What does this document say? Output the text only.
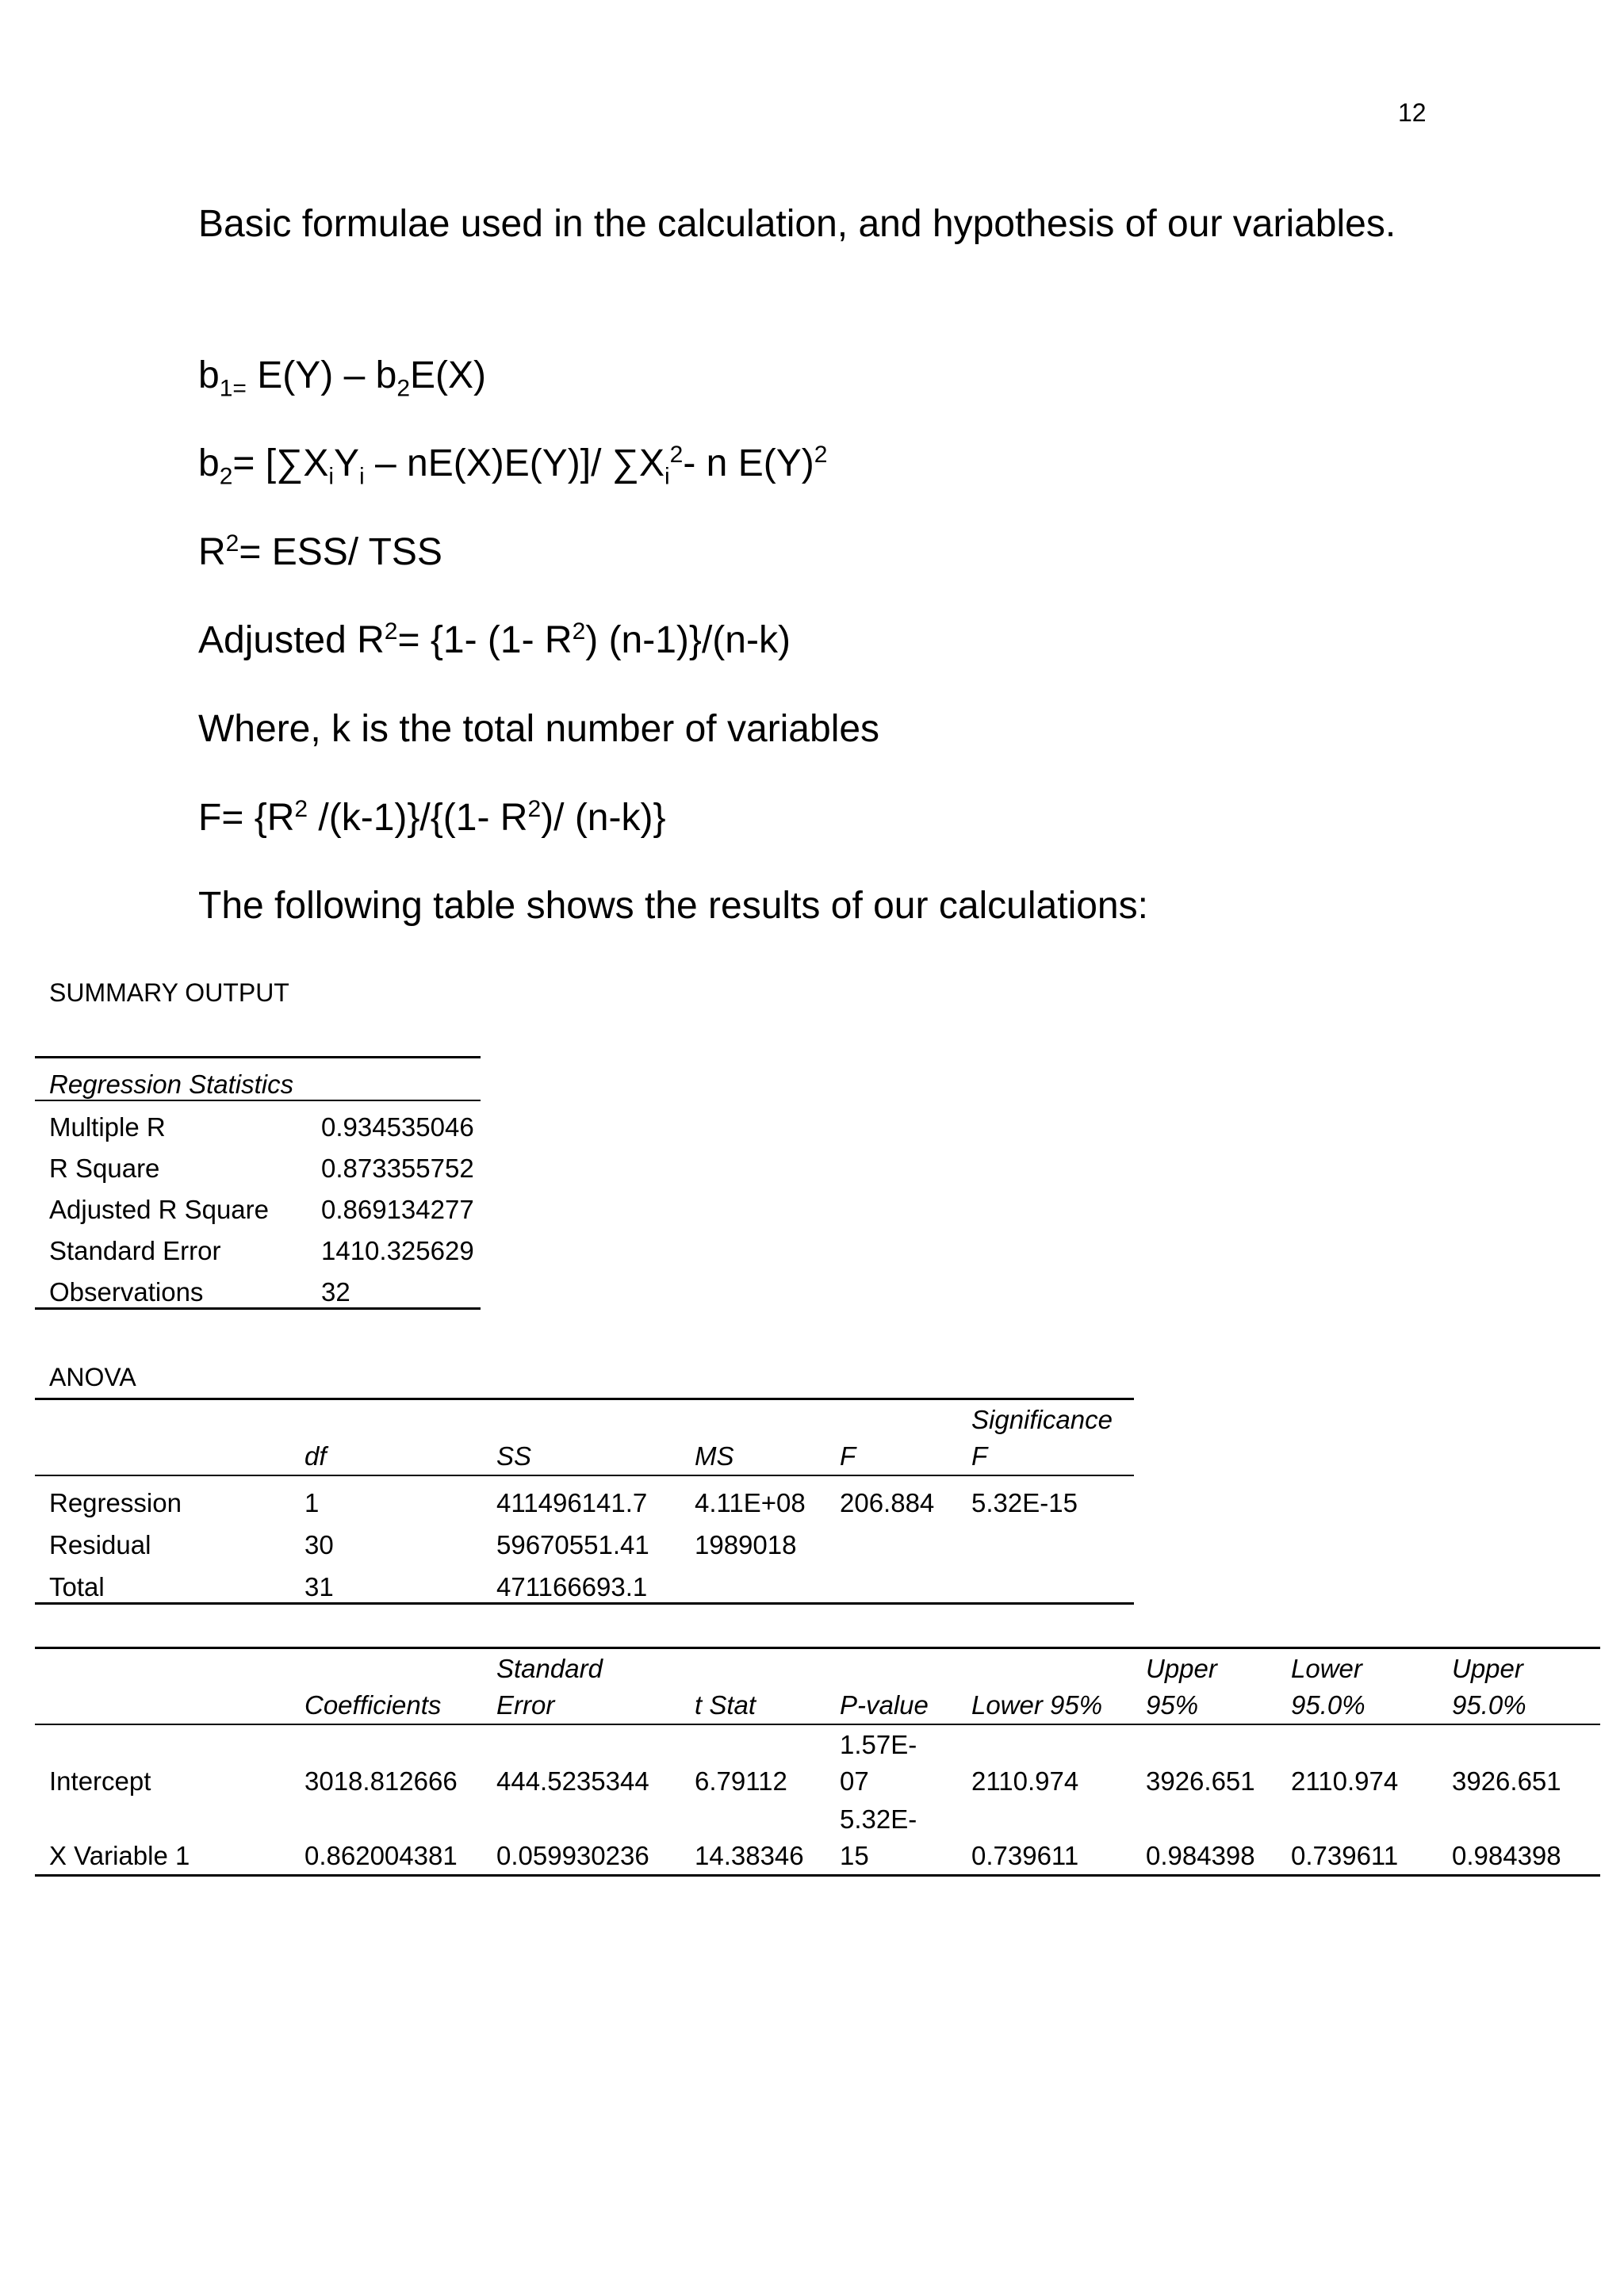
12

Basic formulae used in the calculation, and hypothesis of our variables.

$b_{1=}$ $E(Y) - b_2E(X)$

$b_2= [\sum X_iY_i - nE(X)E(Y)]/$ $\sum X_i^2-$ n $E(Y)^2$

$R^2= ESS/$ TSS

Adjusted $R^2= \{1-$ (1- $R^2$) (n-1)}/(n-k)

Where, k is the total number of variables

$F= \{R^2$ /(k-1)}/{(1- $R^2)/$ (n-k)}

The following table shows the results of our calculations:

SUMMARY OUTPUT
Regression Statistics	
Multiple R	0.934535046
R Square	0.873355752
Adjusted R Square	0.869134277
Standard Error	1410.325629
Observations	32
ANOVA
	df	SS	MS	F	Significance F
Regression	1	411496141.7	4.11E+08	206.884	5.32E-15
Residual	30	59670551.41	1989018		
Total	31	471166693.1			
	Coefficients	Standard Error	t Stat	P-value	Lower 95%	Upper 95%	Lower 95.0%	Upper 95.0%
Intercept	3018.812666	444.5235344	6.79112	1.57E-07	2110.974	3926.651	2110.974	3926.651
X Variable 1	0.862004381	0.059930236	14.38346	5.32E-15	0.739611	0.984398	0.739611	0.984398
